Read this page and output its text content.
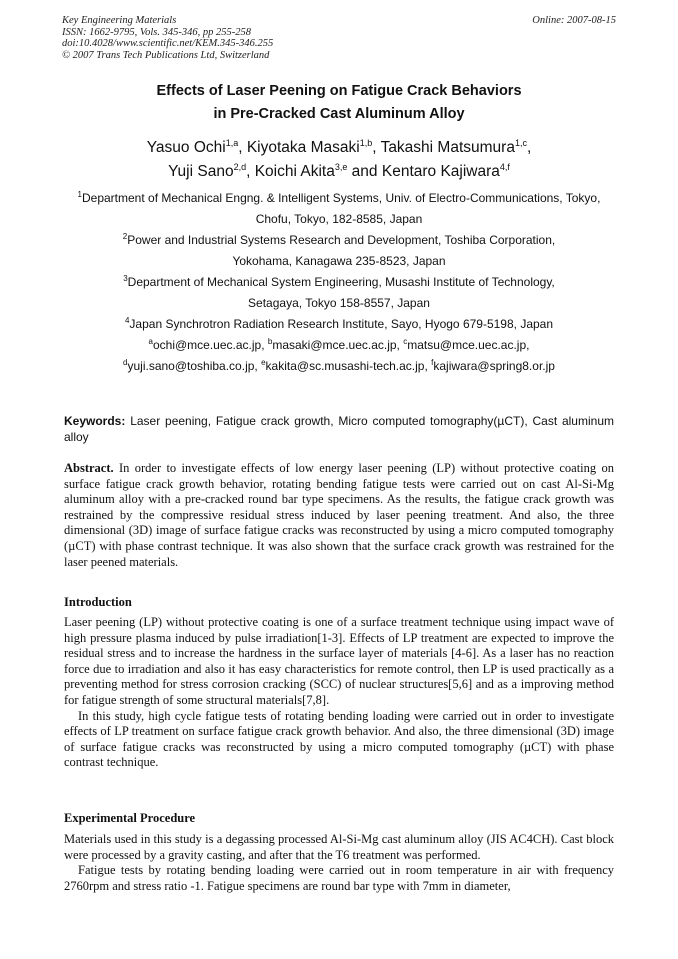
Key Engineering Materials
ISSN: 1662-9795, Vols. 345-346, pp 255-258
doi:10.4028/www.scientific.net/KEM.345-346.255
© 2007 Trans Tech Publications Ltd, Switzerland
Online: 2007-08-15
Effects of Laser Peening on Fatigue Crack Behaviors
in Pre-Cracked Cast Aluminum Alloy
Yasuo Ochi$^{1,a}$, Kiyotaka Masaki$^{1,b}$, Takashi Matsumura$^{1,c}$,
Yuji Sano$^{2,d}$, Koichi Akita$^{3,e}$ and Kentaro Kajiwara$^{4,f}$
$^1$Department of Mechanical Engng. & Intelligent Systems, Univ. of Electro-Communications, Tokyo,
Chofu, Tokyo, 182-8585, Japan
$^2$Power and Industrial Systems Research and Development, Toshiba Corporation,
Yokohama, Kanagawa 235-8523, Japan
$^3$Department of Mechanical System Engineering, Musashi Institute of Technology,
Setagaya, Tokyo 158-8557, Japan
$^4$Japan Synchrotron Radiation Research Institute, Sayo, Hyogo 679-5198, Japan
$^a$ochi@mce.uec.ac.jp, $^b$masaki@mce.uec.ac.jp, $^c$matsu@mce.uec.ac.jp,
$^d$yuji.sano@toshiba.co.jp, $^e$kakita@sc.musashi-tech.ac.jp, $^f$kajiwara@spring8.or.jp
Keywords: Laser peening, Fatigue crack growth, Micro computed tomography(µCT), Cast aluminum alloy
Abstract. In order to investigate effects of low energy laser peening (LP) without protective coating on surface fatigue crack growth behavior, rotating bending fatigue tests were carried out on cast Al-Si-Mg aluminum alloy with a pre-cracked round bar type specimens. As the results, the fatigue crack growth was restrained by the compressive residual stress induced by laser peening treatment. And also, the three dimensional (3D) image of surface fatigue cracks was reconstructed by using a micro computed tomography (µCT) with phase contrast technique. It was also shown that the surface crack growth was restrained for the laser peened materials.
Introduction
Laser peening (LP) without protective coating is one of a surface treatment technique using impact wave of high pressure plasma induced by pulse irradiation[1-3]. Effects of LP treatment are expected to improve the residual stress and to increase the hardness in the surface layer of materials [4-6]. As a laser has no reaction force due to irradiation and also it has easy characteristics for remote control, then LP is used practically as a preventing method for stress corrosion cracking (SCC) of nuclear structures[5,6] and as a improving method for fatigue strength of some structural materials[7,8].
In this study, high cycle fatigue tests of rotating bending loading were carried out in order to investigate effects of LP treatment on surface fatigue crack growth behavior. And also, the three dimensional (3D) image of surface fatigue cracks was reconstructed by using a micro computed tomography (µCT) with phase contrast technique.
Experimental Procedure
Materials used in this study is a degassing processed Al-Si-Mg cast aluminum alloy (JIS AC4CH). Cast block were processed by a gravity casting, and after that the T6 treatment was performed.
Fatigue tests by rotating bending loading were carried out in room temperature in air with frequency 2760rpm and stress ratio -1. Fatigue specimens are round bar type with 7mm in diameter,
